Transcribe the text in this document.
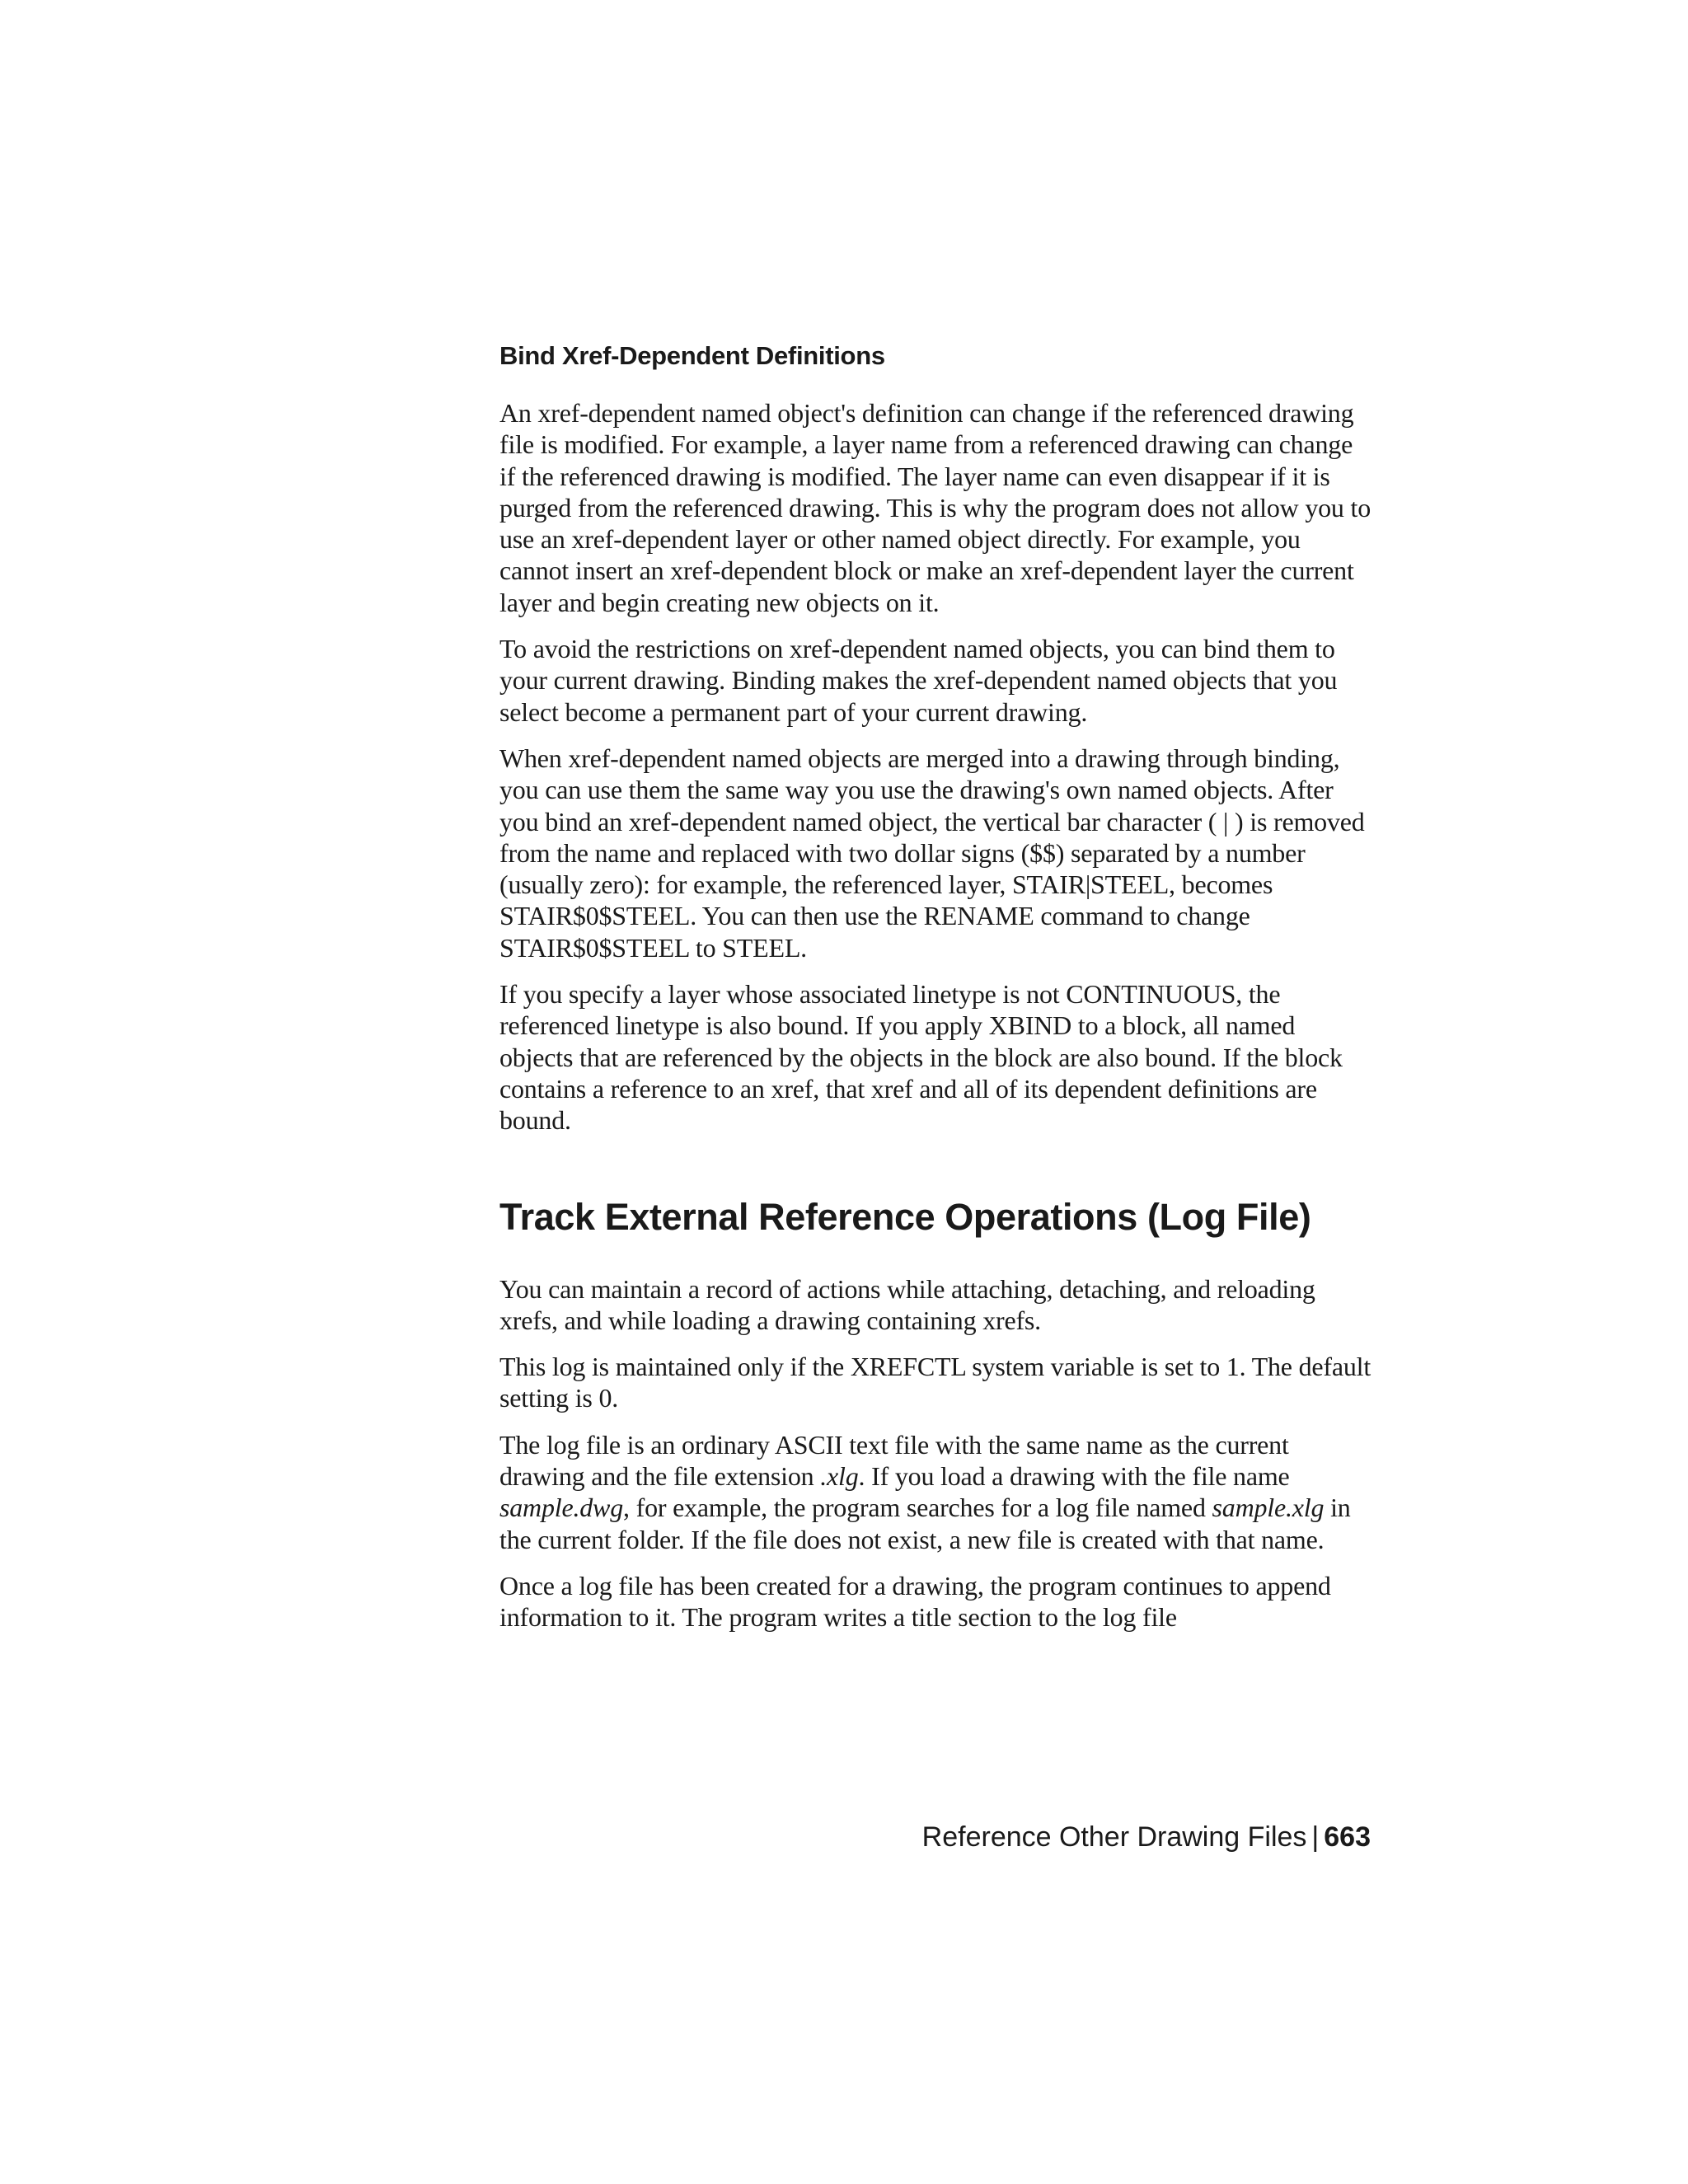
Bind Xref-Dependent Definitions

An xref-dependent named object's definition can change if the referenced drawing file is modified. For example, a layer name from a referenced drawing can change if the referenced drawing is modified. The layer name can even disappear if it is purged from the referenced drawing. This is why the program does not allow you to use an xref-dependent layer or other named object directly. For example, you cannot insert an xref-dependent block or make an xref-dependent layer the current layer and begin creating new objects on it.

To avoid the restrictions on xref-dependent named objects, you can bind them to your current drawing. Binding makes the xref-dependent named objects that you select become a permanent part of your current drawing.

When xref-dependent named objects are merged into a drawing through binding, you can use them the same way you use the drawing's own named objects. After you bind an xref-dependent named object, the vertical bar character ( | ) is removed from the name and replaced with two dollar signs ($$) separated by a number (usually zero): for example, the referenced layer, STAIR|STEEL, becomes STAIR$0$STEEL. You can then use the RENAME command to change STAIR$0$STEEL to STEEL.

If you specify a layer whose associated linetype is not CONTINUOUS, the referenced linetype is also bound. If you apply XBIND to a block, all named objects that are referenced by the objects in the block are also bound. If the block contains a reference to an xref, that xref and all of its dependent definitions are bound.

Track External Reference Operations (Log File)

You can maintain a record of actions while attaching, detaching, and reloading xrefs, and while loading a drawing containing xrefs.

This log is maintained only if the XREFCTL system variable is set to 1. The default setting is 0.

The log file is an ordinary ASCII text file with the same name as the current drawing and the file extension .xlg. If you load a drawing with the file name sample.dwg, for example, the program searches for a log file named sample.xlg in the current folder. If the file does not exist, a new file is created with that name.

Once a log file has been created for a drawing, the program continues to append information to it. The program writes a title section to the log file

Reference Other Drawing Files | 663
